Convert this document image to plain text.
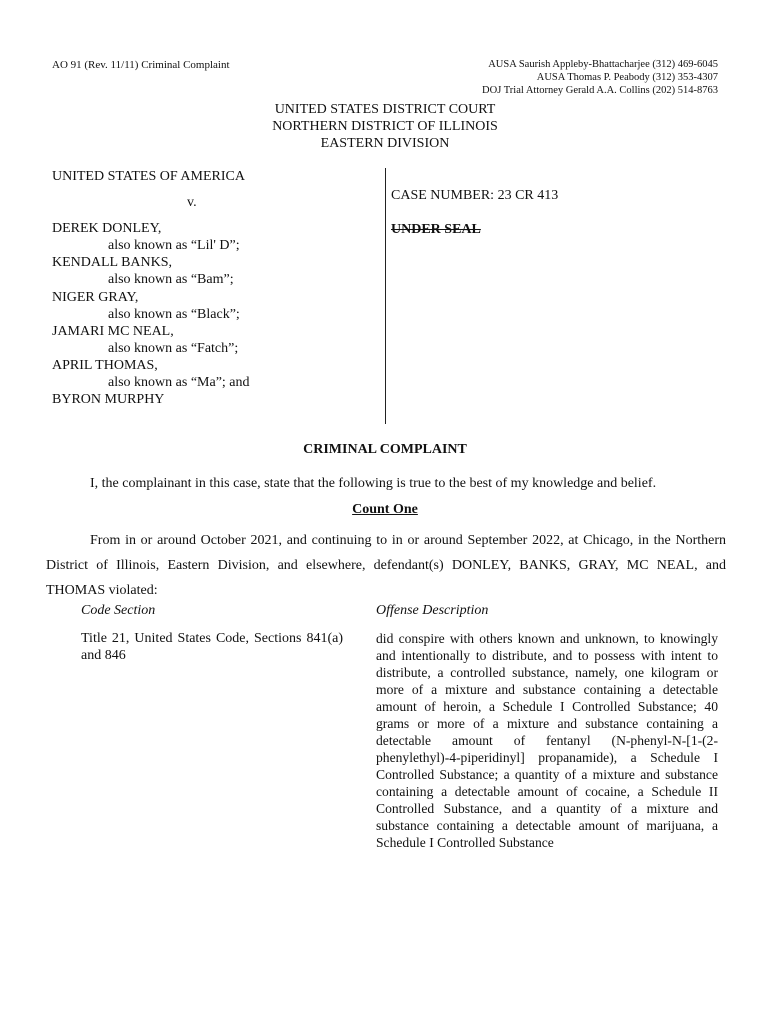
AO 91 (Rev. 11/11) Criminal Complaint	AUSA Saurish Appleby-Bhattacharjee (312) 469-6045
AUSA Thomas P. Peabody (312) 353-4307
DOJ Trial Attorney Gerald A.A. Collins (202) 514-8763
UNITED STATES DISTRICT COURT
NORTHERN DISTRICT OF ILLINOIS
EASTERN DIVISION
UNITED STATES OF AMERICA
v.
DEREK DONLEY,
also known as “Lil' D”;
KENDALL BANKS,
also known as “Bam”;
NIGER GRAY,
also known as “Black”;
JAMARI MC NEAL,
also known as “Fatch”;
APRIL THOMAS,
also known as “Ma”; and
BYRON MURPHY
CASE NUMBER: 23 CR 413
UNDER SEAL
CRIMINAL COMPLAINT
I, the complainant in this case, state that the following is true to the best of my knowledge and belief.
Count One
From in or around October 2021, and continuing to in or around September 2022, at Chicago, in the Northern District of Illinois, Eastern Division, and elsewhere, defendant(s) DONLEY, BANKS, GRAY, MC NEAL, and THOMAS violated:
Code Section	Offense Description
Title 21, United States Code, Sections 841(a) and 846
did conspire with others known and unknown, to knowingly and intentionally to distribute, and to possess with intent to distribute, a controlled substance, namely, one kilogram or more of a mixture and substance containing a detectable amount of heroin, a Schedule I Controlled Substance; 40 grams or more of a mixture and substance containing a detectable amount of fentanyl (N-phenyl-N-[1-(2-phenylethyl)-4-piperidinyl] propanamide), a Schedule I Controlled Substance; a quantity of a mixture and substance containing a detectable amount of cocaine, a Schedule II Controlled Substance, and a quantity of a mixture and substance containing a detectable amount of marijuana, a Schedule I Controlled Substance
